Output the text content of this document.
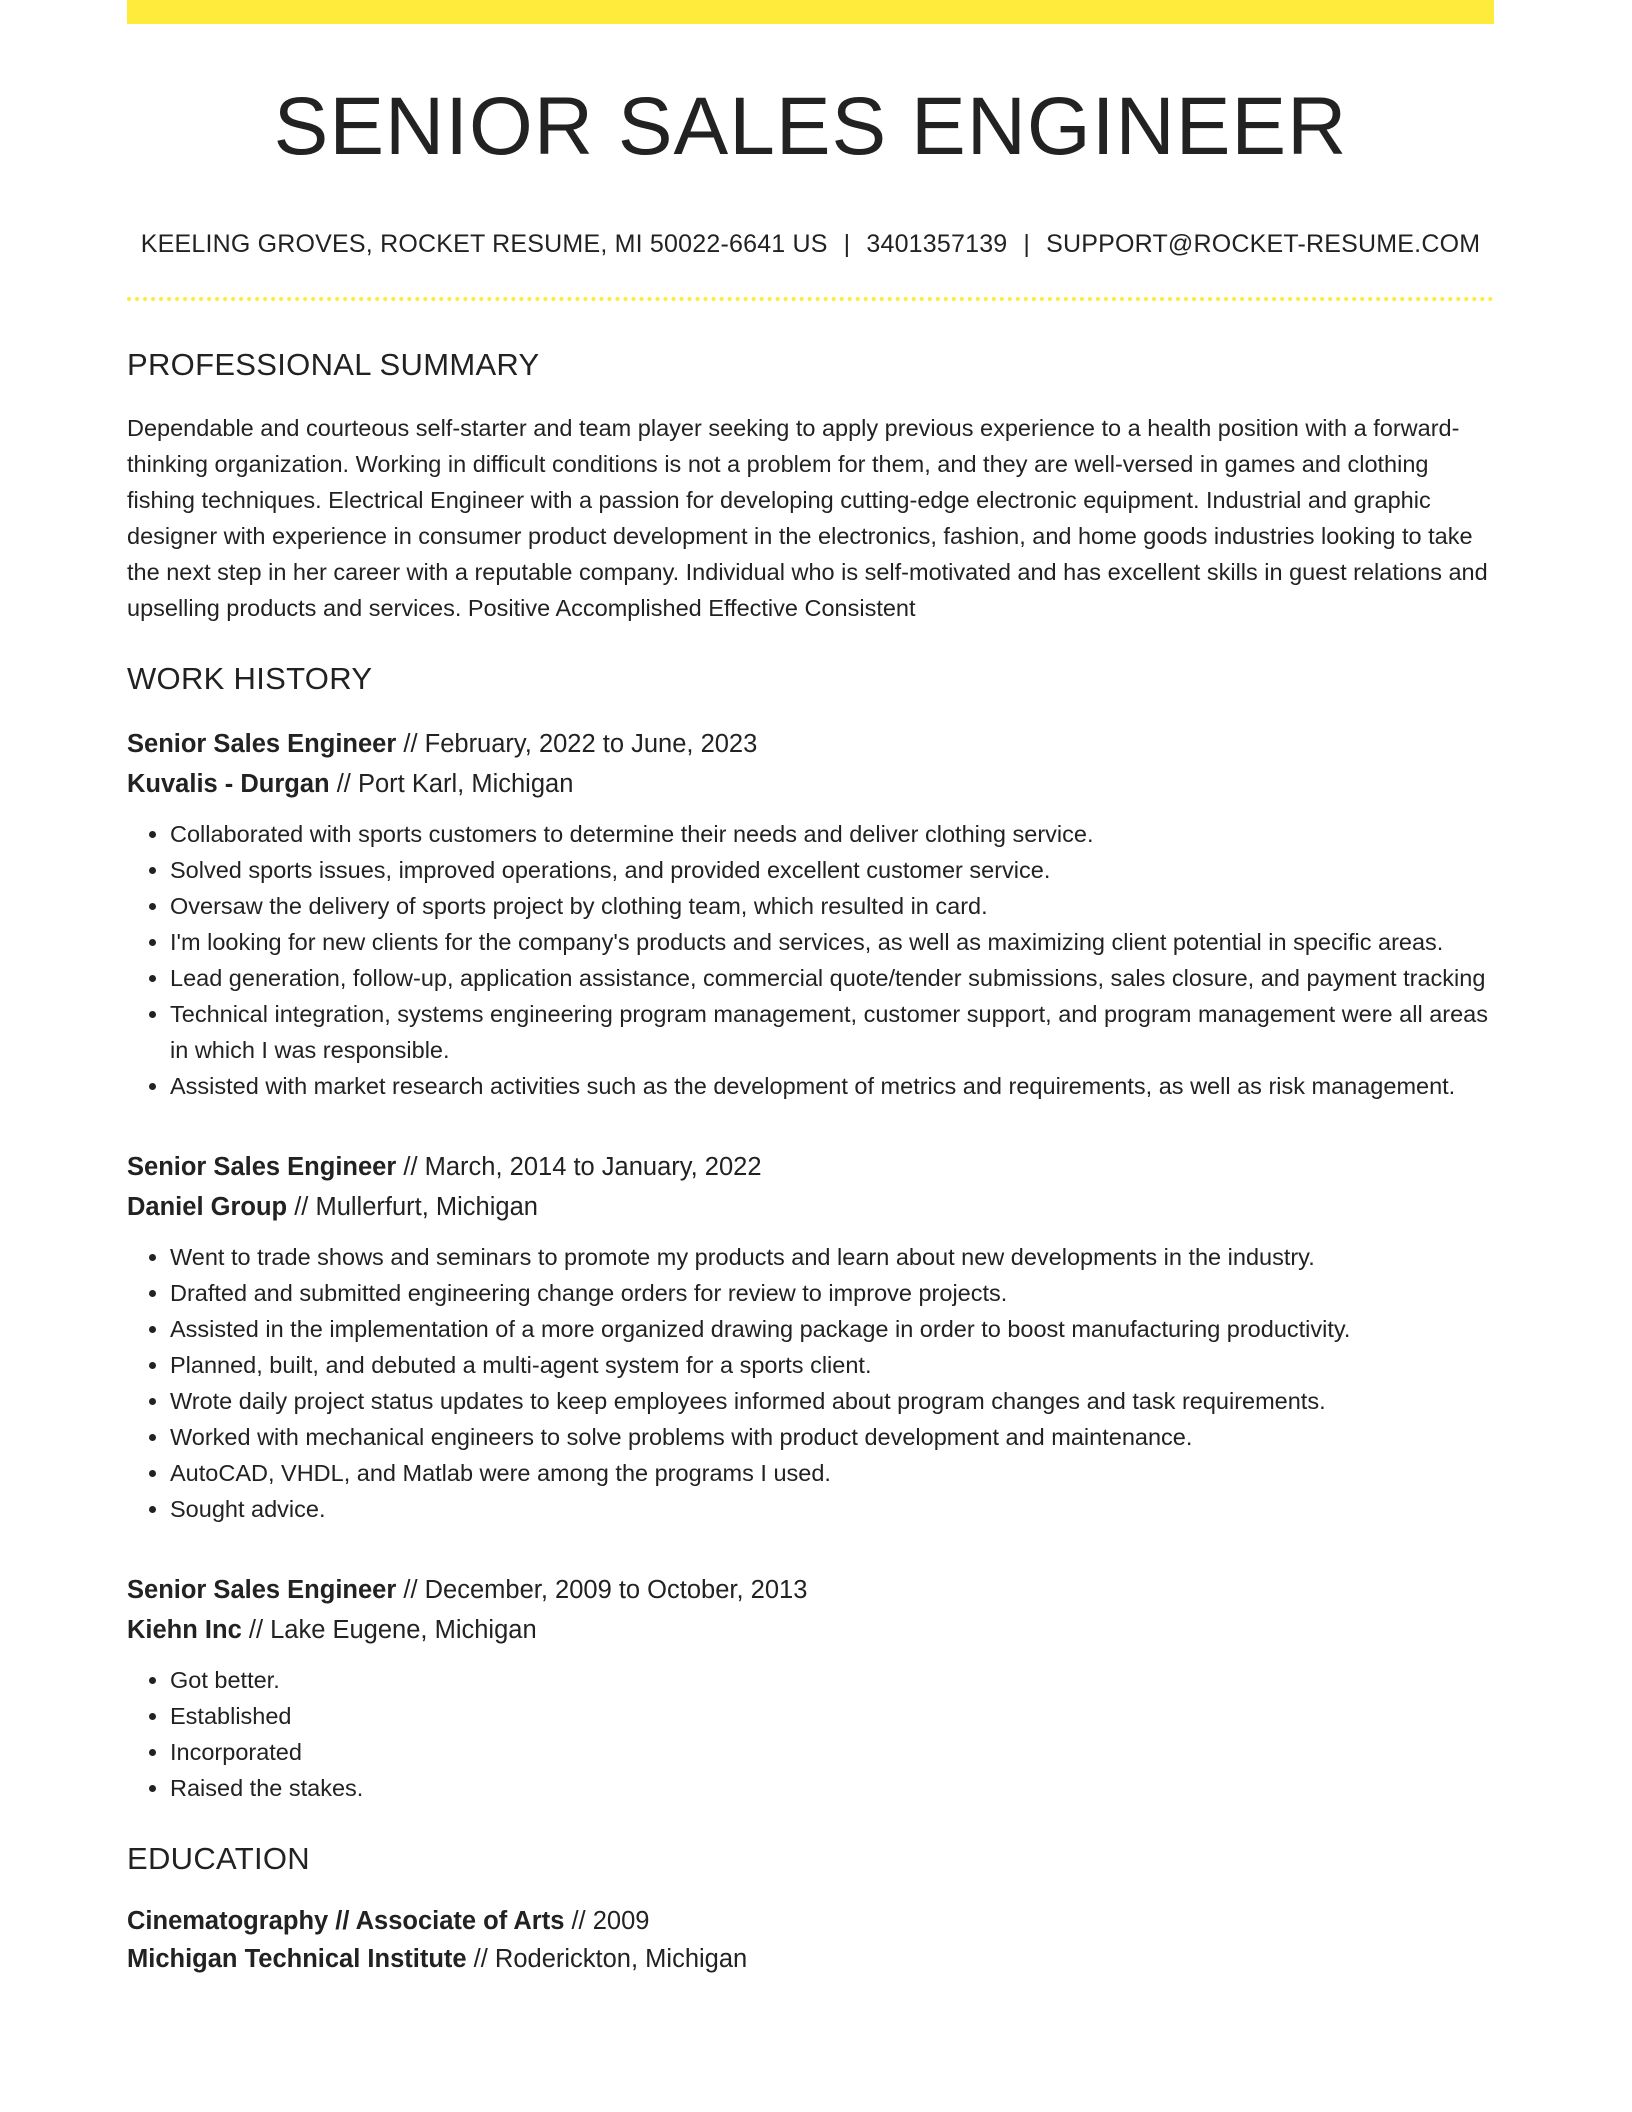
SENIOR SALES ENGINEER
KEELING GROVES, ROCKET RESUME, MI 50022-6641 US | 3401357139 | SUPPORT@ROCKET-RESUME.COM
PROFESSIONAL SUMMARY

Dependable and courteous self-starter and team player seeking to apply previous experience to a health position with a forward-thinking organization. Working in difficult conditions is not a problem for them, and they are well-versed in games and clothing fishing techniques. Electrical Engineer with a passion for developing cutting-edge electronic equipment. Industrial and graphic designer with experience in consumer product development in the electronics, fashion, and home goods industries looking to take the next step in her career with a reputable company. Individual who is self-motivated and has excellent skills in guest relations and upselling products and services. Positive Accomplished Effective Consistent

WORK HISTORY
Senior Sales Engineer // February, 2022 to June, 2023
Kuvalis - Durgan // Port Karl, Michigan
• Collaborated with sports customers to determine their needs and deliver clothing service.
• Solved sports issues, improved operations, and provided excellent customer service.
• Oversaw the delivery of sports project by clothing team, which resulted in card.
• I'm looking for new clients for the company's products and services, as well as maximizing client potential in specific areas.
• Lead generation, follow-up, application assistance, commercial quote/tender submissions, sales closure, and payment tracking
• Technical integration, systems engineering program management, customer support, and program management were all areas in which I was responsible.
• Assisted with market research activities such as the development of metrics and requirements, as well as risk management.
Senior Sales Engineer // March, 2014 to January, 2022
Daniel Group // Mullerfurt, Michigan
• Went to trade shows and seminars to promote my products and learn about new developments in the industry.
• Drafted and submitted engineering change orders for review to improve projects.
• Assisted in the implementation of a more organized drawing package in order to boost manufacturing productivity.
• Planned, built, and debuted a multi-agent system for a sports client.
• Wrote daily project status updates to keep employees informed about program changes and task requirements.
• Worked with mechanical engineers to solve problems with product development and maintenance.
• AutoCAD, VHDL, and Matlab were among the programs I used.
• Sought advice.
Senior Sales Engineer // December, 2009 to October, 2013
Kiehn Inc // Lake Eugene, Michigan
• Got better.
• Established
• Incorporated
• Raised the stakes.
EDUCATION
Cinematography // Associate of Arts // 2009
Michigan Technical Institute // Roderickton, Michigan
